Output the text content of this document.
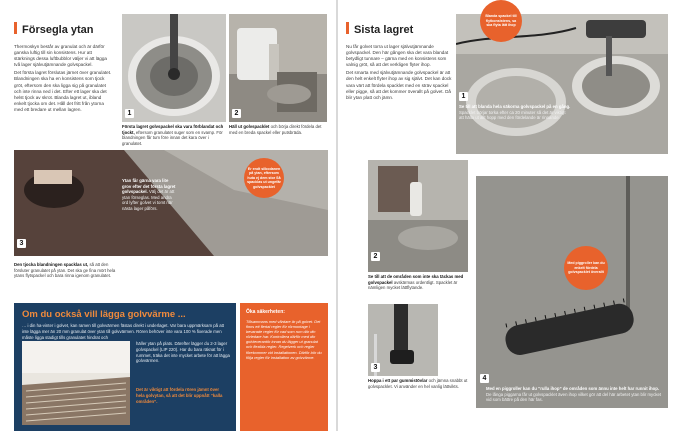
Försegla ytan

Thermoskyn består av granulat och är därför ganska luftig till sin konsistens. Hur att stärknings dessa luftbubblor väljer vi att lägga två lager självutjämnande golvspackel.

Det första lagret förslutas järnet över granulatet. Blandningen ska ha en konsistens som tjock gröt, eftersom den ska ligga sig på granulatet och inte rinna ned i det. Efter ett lager ska det helst tjock av skrot. Blanda lagret ut, ibland enkelt tjocka om det. Håll det fritt från ytorna med ett bredare ut mellan lagren.

1
Första lagret golvspackel ska vara förblandat och tjockt, eftersom granulatet suger som en svamp. För blandningen får tum före innan det kara över i granulatet.
2
Häll ut golvspacklet och börja direkt fördela det med en breda spackel eller putsbräda.
3
Ytan får gärna vara lite grov efter det första lagret golvspackel. Välj det är att ytan förseglas. Med andra ord lyfter golvet vi tomt när nästa lager påförs.
Er endt silbodanen på ytan, eftersom huta ej dem stor Så spacklas ut ungefär golvspacklet
Den tjocka blandningen spacklas ut, så att den försluter granulatet på ytan. Det ska ge fina mört hela ytans flytspackel och bara rinna igenom granulatet.
Om du också vill lägga golvvärme ...
… i din ha-vinter i golvet, kan ramen till golvvärmen fästas direkt i underlaget. Var bara uppmärksam på att inte lägga mer än 20 mm granulat över ytan till golvvärmen. Rören behöver inte vara 100 % fixerade men måste ligga stadigt tills granulatet hindrat och
häller ytan på plats. Därefter lägger du 2-3 lager golvspackel (LIP 220). Har du bara räknat för i rummet, träka det inte mycket arbete för att lägga golvvärmen.
Det är viktigt att fördela rören jämnt över hela golvytan, så att det blir uppnått “kalla områden”.
Öka säkerheten:
Tillsammans med vårdare är på golvet. Det finns ett flertal regler för rörmontage i bevarade regler för vad som rum där din rörledare har. Kontrollera därför med din golvleverantör innan du lägger ut granulat och flexibla regler. Regelverk och regler förekommer vid installationen. Därför bör du följa regler för installation av golvvärme.
Sista lagret

Nu får golvet torra ut lager självutjämnande golvspackel. Den här gången ska det vara blandat betydligt tunnare – gärna med en konsistens som valnig gröt, så att det verkligen flyter ihop.

Det smarta med självutjämnande golvspackel är att den helt enkelt flyter ihop av sig självt. Det kan dock vara värt att fördela spacklet med en sträv spackel eller pigge, så att det kommer överallt på golvet. Då blir ytan platt och jämn.	1
Se till att blanda hela säkorna golvspackel på en gång. Spacklet börjar torka efter ca 20 minuter så det är viktigt att hälla ut allt hopp med den fördelande är rinnande.
Blanda spackel till flytkonsistens, sa ska flyta lätt ihop
2
Se till att de områden som inte ska täckas med golvspackel avskärmas ordentligt. Spacklet är nämligen mycket lättflytande.
3
Hoppa i ett par gummistövlar och jämna snabbt ut golvspacklet. Vi använder en hel vanlig lättvikts.
4
Med piggroller kan du enkelt fördela golvspacklet överallt
Med en piggroller kan du “rulla ihop” de områden som ännu inte helt har runnit ihop. De långa piggarna får ut golvspacklet även ihop vilket gör att del här arbetet ytan blir mycket vid som bättre på den här fas.
